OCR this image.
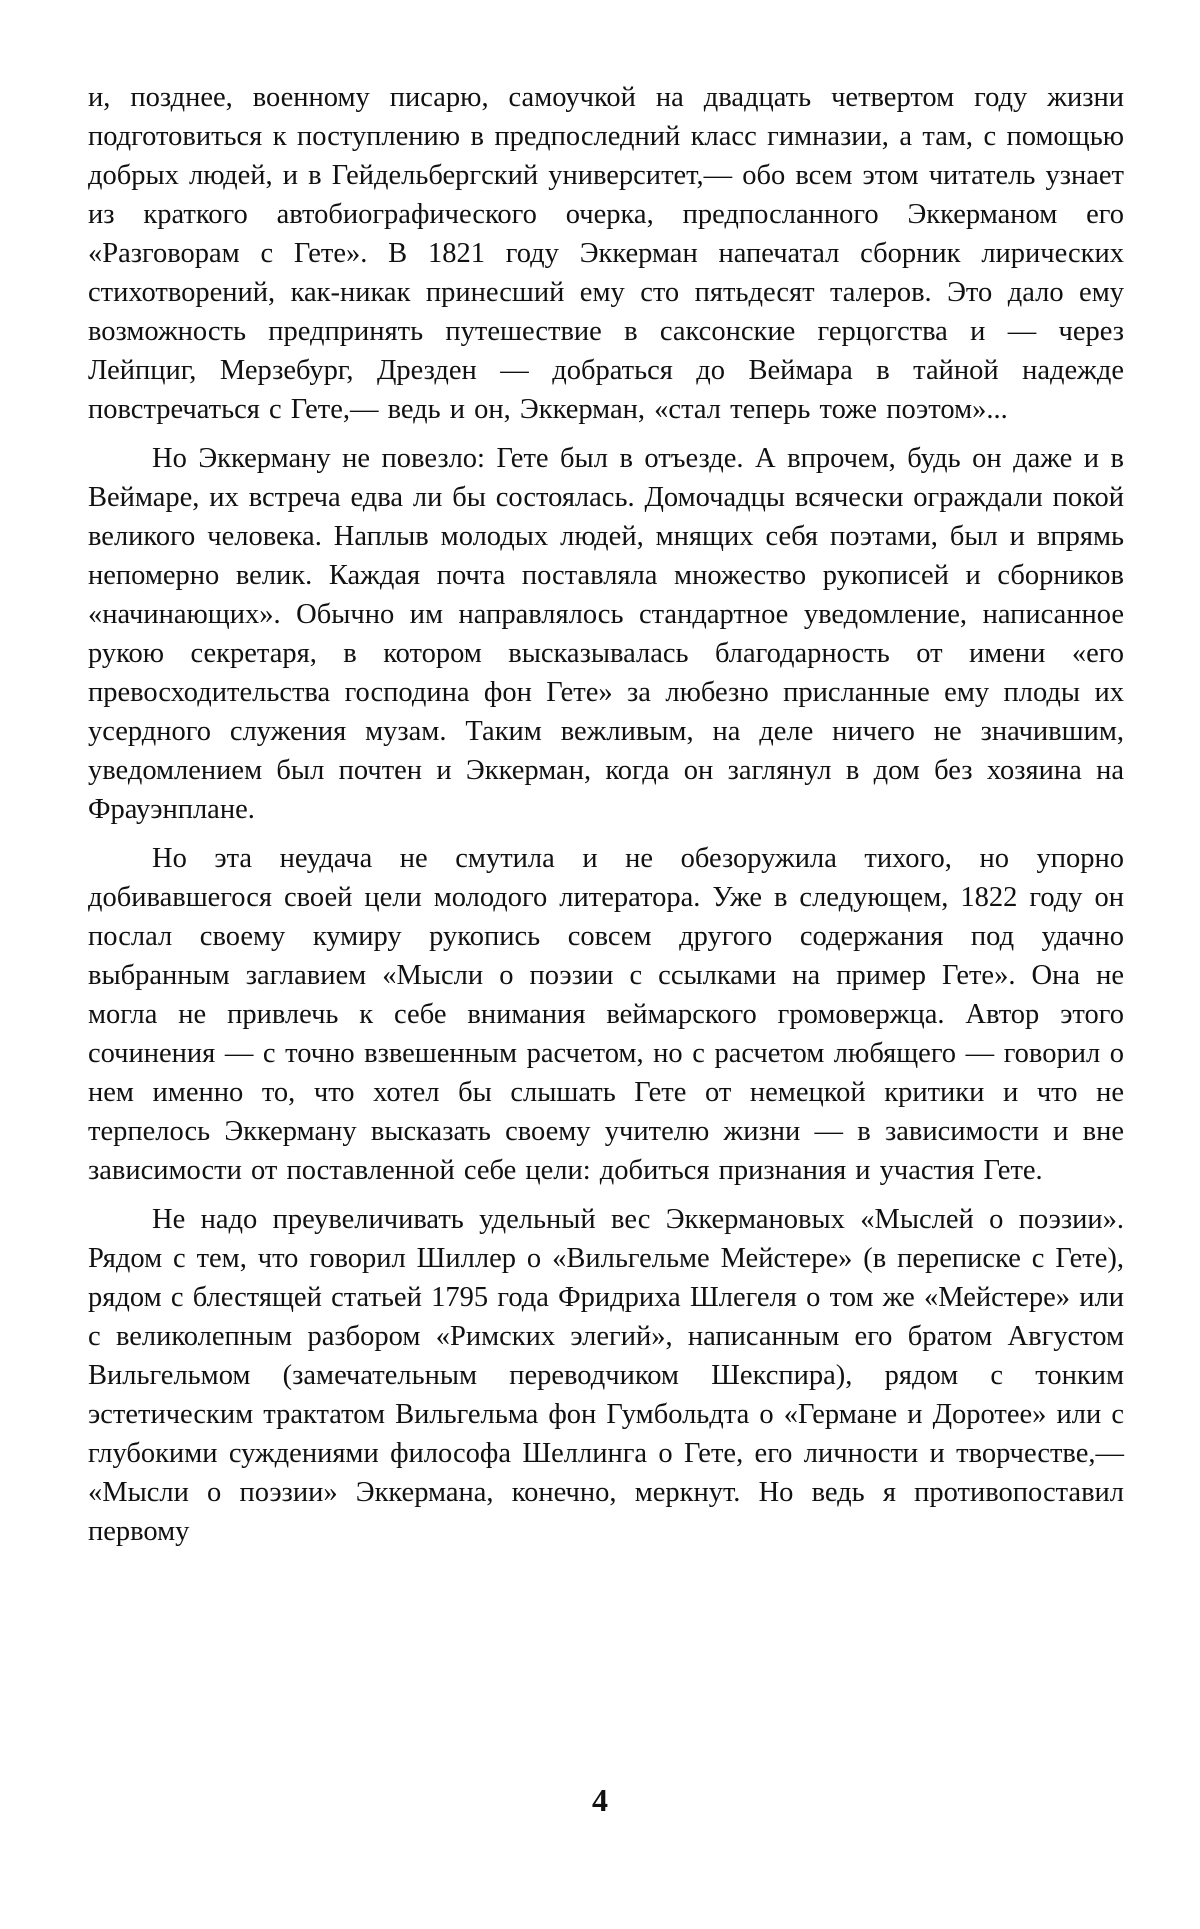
и, позднее, военному писарю, самоучкой на двадцать четвертом году жизни подготовиться к поступлению в предпоследний класс гимназии, а там, с помощью добрых людей, и в Гейдельбергский университет,— обо всем этом читатель узнает из краткого автобиографического очерка, предпосланного Эккерманом его «Разговорам с Гете». В 1821 году Эккерман напечатал сборник лирических стихотворений, как-никак принесший ему сто пятьдесят талеров. Это дало ему возможность предпринять путешествие в саксонские герцогства и — через Лейпциг, Мерзебург, Дрезден — добраться до Веймара в тайной надежде повстречаться с Гете,— ведь и он, Эккерман, «стал теперь тоже поэтом»...

Но Эккерману не повезло: Гете был в отъезде. А впрочем, будь он даже и в Веймаре, их встреча едва ли бы состоялась. Домочадцы всячески ограждали покой великого человека. Наплыв молодых людей, мнящих себя поэтами, был и впрямь непомерно велик. Каждая почта поставляла множество рукописей и сборников «начинающих». Обычно им направлялось стандартное уведомление, написанное рукою секретаря, в котором высказывалась благодарность от имени «его превосходительства господина фон Гете» за любезно присланные ему плоды их усердного служения музам. Таким вежливым, на деле ничего не значившим, уведомлением был почтен и Эккерман, когда он заглянул в дом без хозяина на Фрауэнплане.

Но эта неудача не смутила и не обезоружила тихого, но упорно добивавшегося своей цели молодого литератора. Уже в следующем, 1822 году он послал своему кумиру рукопись совсем другого содержания под удачно выбранным заглавием «Мысли о поэзии с ссылками на пример Гете». Она не могла не привлечь к себе внимания веймарского громовержца. Автор этого сочинения — с точно взвешенным расчетом, но с расчетом любящего — говорил о нем именно то, что хотел бы слышать Гете от немецкой критики и что не терпелось Эккерману высказать своему учителю жизни — в зависимости и вне зависимости от поставленной себе цели: добиться признания и участия Гете.

Не надо преувеличивать удельный вес Эккермановых «Мыслей о поэзии». Рядом с тем, что говорил Шиллер о «Вильгельме Мейстере» (в переписке с Гете), рядом с блестящей статьей 1795 года Фридриха Шлегеля о том же «Мейстере» или с великолепным разбором «Римских элегий», написанным его братом Августом Вильгельмом (замечательным переводчиком Шекспира), рядом с тонким эстетическим трактатом Вильгельма фон Гумбольдта о «Германе и Доротее» или с глубокими суждениями философа Шеллинга о Гете, его личности и творчестве,— «Мысли о поэзии» Эккермана, конечно, меркнут. Но ведь я противопоставил первому

4
